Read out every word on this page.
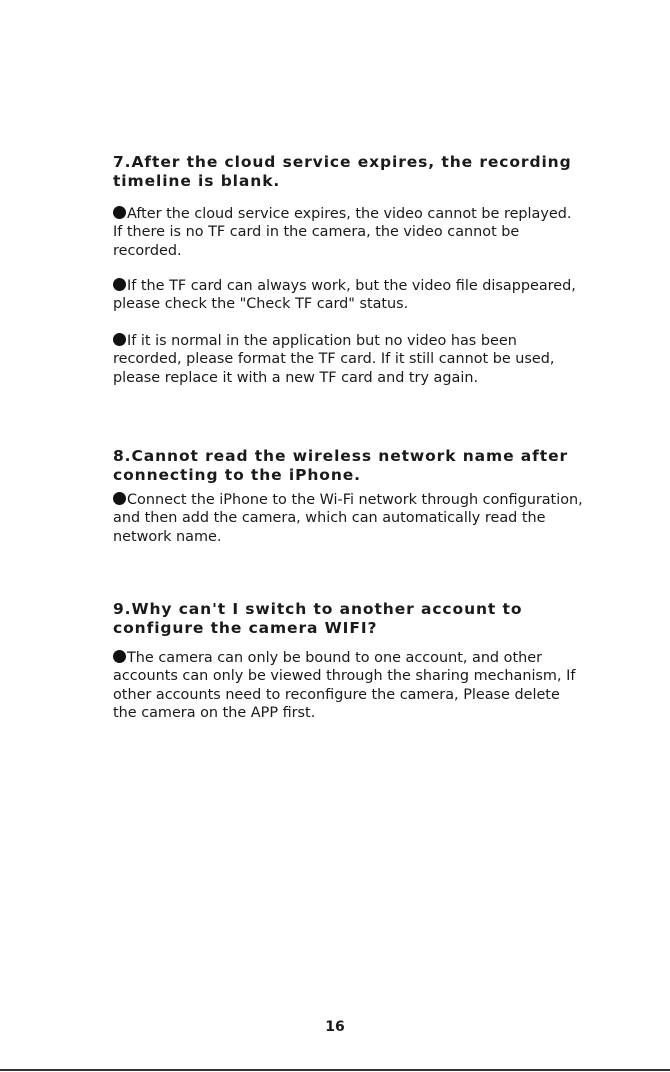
7.After the cloud service expires, the recording timeline is blank.

After the cloud service expires, the video cannot be replayed. If there is no TF card in the camera, the video cannot be recorded.

If the TF card can always work, but the video file disappeared, please check the "Check TF card" status.

If it is normal in the application but no video has been recorded, please format the TF card. If it still cannot be used, please replace it with a new TF card and try again.

8.Cannot read the wireless network name after connecting to the iPhone.

Connect the iPhone to the Wi-Fi network through configuration, and then add the camera, which can automatically read the network name.

9.Why can't I switch to another account to configure the camera WIFI?

The camera can only be bound to one account, and other accounts can only be viewed through the sharing mechanism, If other accounts need to reconfigure the camera, Please delete the camera on the APP first.

16
